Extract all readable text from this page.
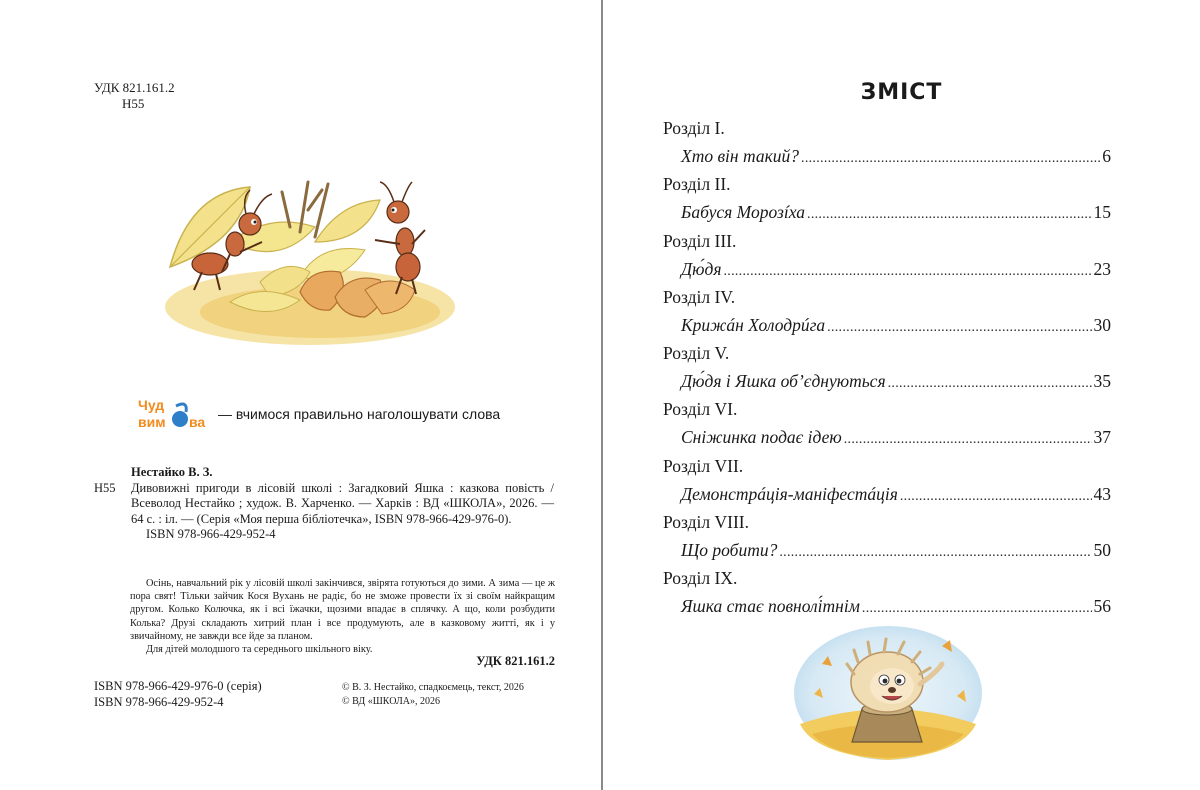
УДК 821.161.2
Н55
Чуд
вим ва — вчимося правильно наголошувати слова
Нестайко В. З.
Н55	Дивовижні пригоди в лісовій школі : Загадковий Яшка : казкова повість / Всеволод Нестайко ; худож. В. Харченко. — Харків : ВД «ШКОЛА», 2026. — 64 с. : іл. — (Серія «Моя перша бібліотечка», ISBN 978-966-429-976-0).
ISBN 978-966-429-952-4

Осінь, навчальний рік у лісовій школі закінчився, звірята готуються до зими. А зима — це ж пора свят! Тільки зайчик Кося Вухань не радіє, бо не зможе провести їх зі своїм найкращим другом. Колько Колючка, як і всі їжачки, щозими впадає в сплячку. А що, коли розбудити Колька? Друзі складають хитрий план і все продумують, але в казковому житті, як і у звичайному, не завжди все йде за планом.

Для дітей молодшого та середнього шкільного віку.

УДК 821.161.2
ISBN 978-966-429-976-0 (серія)
ISBN 978-966-429-952-4
© В. З. Нестайко, спадкоємець, текст, 2026
© ВД «ШКОЛА», 2026
ЗМІСТ
Розділ I.
Хто він такий? . . .	6
Розділ II.
Бабуся Морозíха . . .	15
Розділ III.
Дю́дя . . .	23
Розділ IV.
Крижáн Холодрúга . . .	30
Розділ V.
Дю́дя і Яшка об’єднуються . . .	35
Розділ VI.
Сніжинка подає ідею . . .	37
Розділ VII.
Демонстрáція-маніфестáція . . .	43
Розділ VIII.
Що робити? . . .	50
Розділ IX.
Яшка стає повнолі́тнім . . .	56
